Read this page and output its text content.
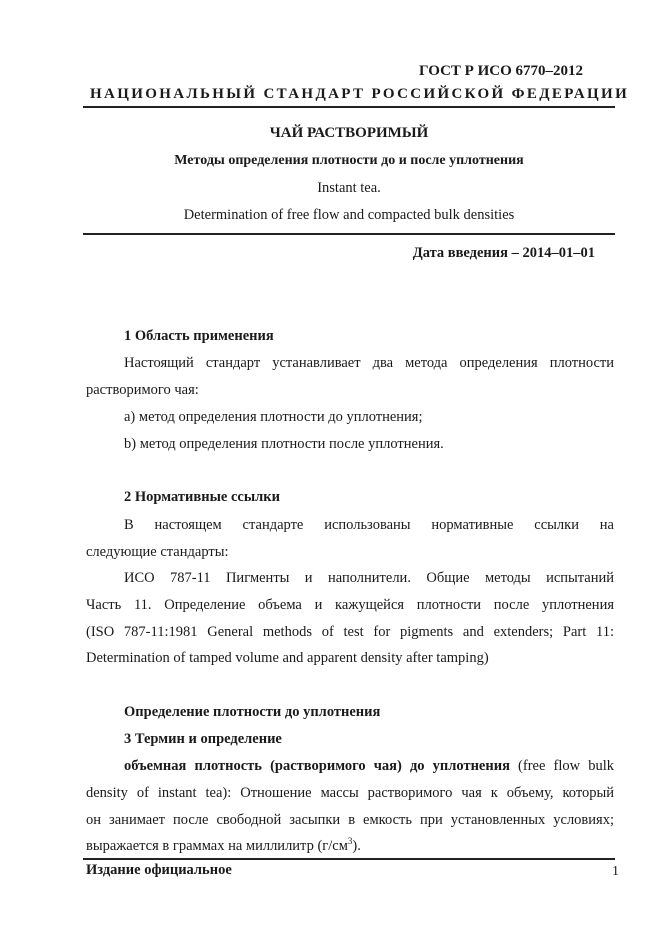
ГОСТ Р ИСО 6770–2012
НАЦИОНАЛЬНЫЙ СТАНДАРТ РОССИЙСКОЙ ФЕДЕРАЦИИ
ЧАЙ РАСТВОРИМЫЙ
Методы определения плотности до и после уплотнения
Instant tea.
Determination of free flow and compacted bulk densities
Дата введения – 2014–01–01
1 Область применения
Настоящий стандарт устанавливает два метода определения плотности
растворимого чая:
а) метод определения плотности до уплотнения;
b) метод определения плотности после уплотнения.
2 Нормативные ссылки
В настоящем стандарте использованы нормативные ссылки на
следующие стандарты:
ИСО 787-11 Пигменты и наполнители. Общие методы испытаний
Часть 11. Определение объема и кажущейся плотности после уплотнения
(ISO 787-11:1981 General methods of test for pigments and extenders; Part 11:
Determination of tamped volume and apparent density after tamping)
Определение плотности до уплотнения
3 Термин и определение
объемная плотность (растворимого чая) до уплотнения (free flow bulk
density of instant tea): Отношение массы растворимого чая к объему, который
он занимает после свободной засыпки в емкость при установленных условиях;
выражается в граммах на миллилитр $(г/см^3)$.
Издание официальное	1
